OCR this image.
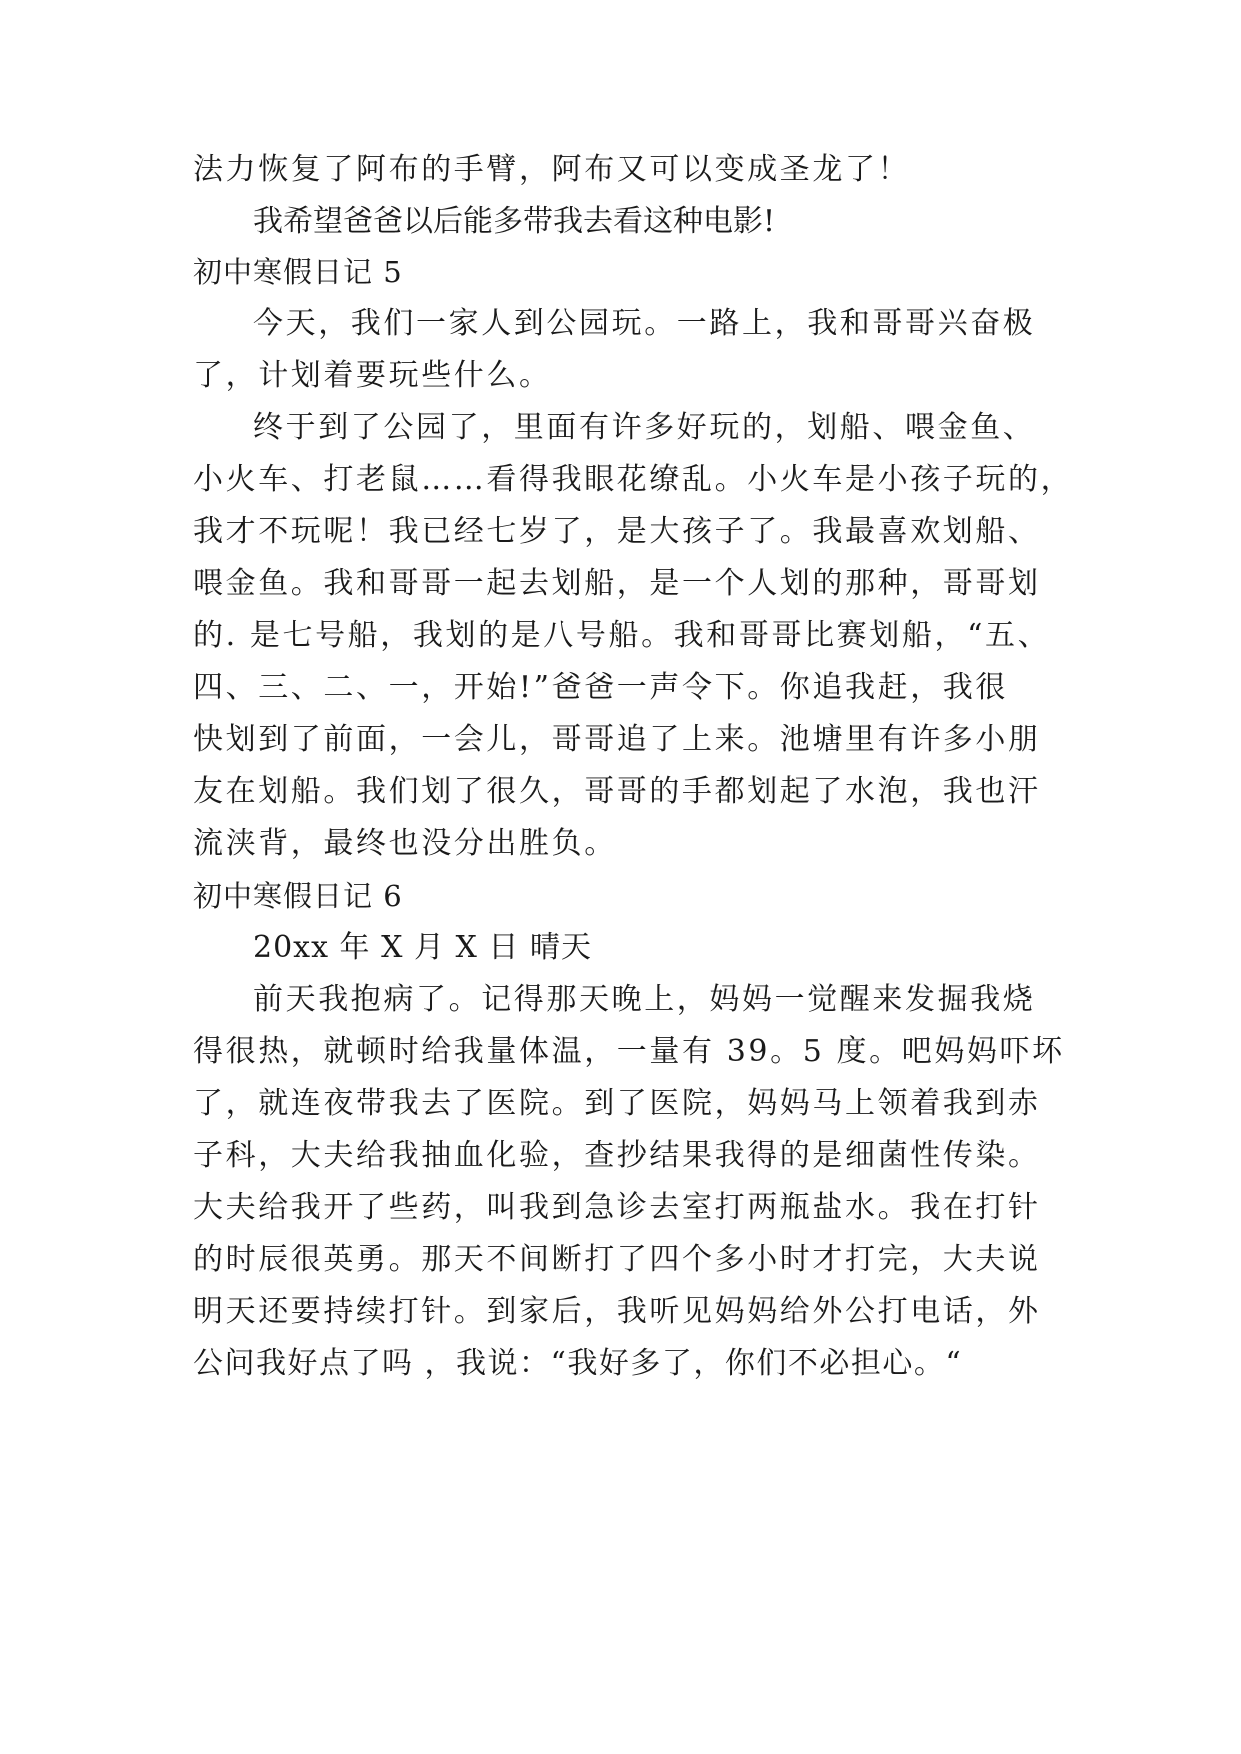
法力恢复了阿布的手臂，阿布又可以变成圣龙了！
我希望爸爸以后能多带我去看这种电影!
初中寒假日记 5
今天，我们一家人到公园玩。一路上，我和哥哥兴奋极
了，计划着要玩些什么。
终于到了公园了，里面有许多好玩的，划船、喂金鱼、
小火车、打老鼠……看得我眼花缭乱。小火车是小孩子玩的，
我才不玩呢！我已经七岁了，是大孩子了。我最喜欢划船、
喂金鱼。我和哥哥一起去划船，是一个人划的那种，哥哥划
的. 是七号船，我划的是八号船。我和哥哥比赛划船，“五、
四、三、二、一，开始!”爸爸一声令下。你追我赶，我很
快划到了前面，一会儿，哥哥追了上来。池塘里有许多小朋
友在划船。我们划了很久，哥哥的手都划起了水泡，我也汗
流浃背，最终也没分出胜负。
初中寒假日记 6
20xx 年 X 月 X 日 晴天
前天我抱病了。记得那天晚上，妈妈一觉醒来发掘我烧
得很热，就顿时给我量体温，一量有 39。5 度。吧妈妈吓坏
了，就连夜带我去了医院。到了医院，妈妈马上领着我到赤
子科，大夫给我抽血化验，查抄结果我得的是细菌性传染。
大夫给我开了些药，叫我到急诊去室打两瓶盐水。我在打针
的时辰很英勇。那天不间断打了四个多小时才打完，大夫说
明天还要持续打针。到家后，我听见妈妈给外公打电话，外
公问我好点了吗 ，我说：“我好多了，你们不必担心。“
